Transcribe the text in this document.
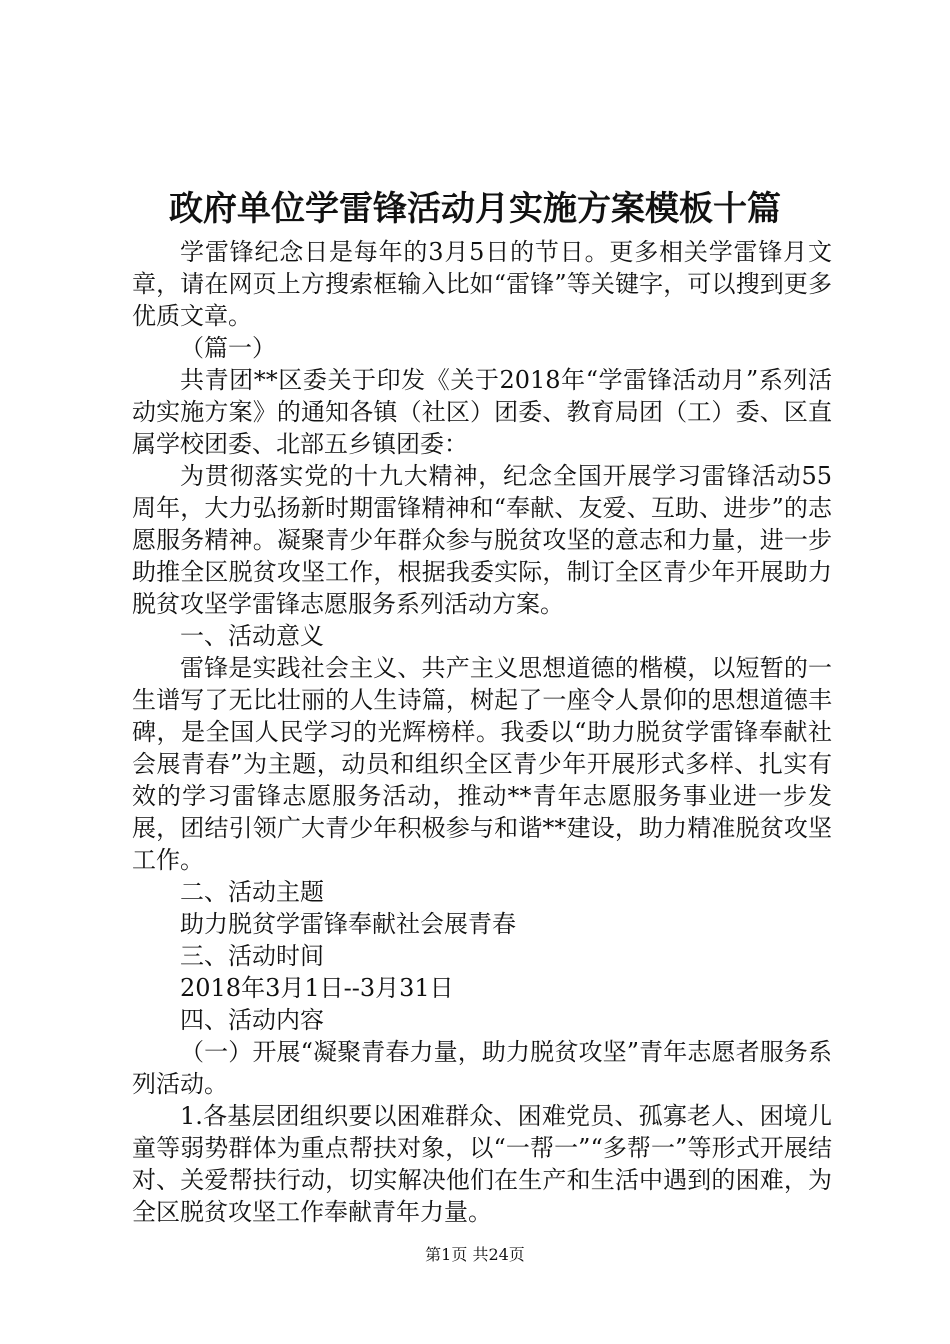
政府单位学雷锋活动月实施方案模板十篇

学雷锋纪念日是每年的3月5日的节日。更多相关学雷锋月文章，请在网页上方搜索框输入比如“雷锋”等关键字，可以搜到更多优质文章。

（篇一）

共青团**区委关于印发《关于2018年“学雷锋活动月”系列活动实施方案》的通知各镇（社区）团委、教育局团（工）委、区直属学校团委、北部五乡镇团委：

为贯彻落实党的十九大精神，纪念全国开展学习雷锋活动55周年，大力弘扬新时期雷锋精神和“奉献、友爱、互助、进步”的志愿服务精神。凝聚青少年群众参与脱贫攻坚的意志和力量，进一步助推全区脱贫攻坚工作，根据我委实际，制订全区青少年开展助力脱贫攻坚学雷锋志愿服务系列活动方案。

一、活动意义

雷锋是实践社会主义、共产主义思想道德的楷模，以短暂的一生谱写了无比壮丽的人生诗篇，树起了一座令人景仰的思想道德丰碑，是全国人民学习的光辉榜样。我委以“助力脱贫学雷锋奉献社会展青春”为主题，动员和组织全区青少年开展形式多样、扎实有效的学习雷锋志愿服务活动，推动**青年志愿服务事业进一步发展，团结引领广大青少年积极参与和谐**建设，助力精准脱贫攻坚工作。

二、活动主题

助力脱贫学雷锋奉献社会展青春

三、活动时间

2018年3月1日--3月31日

四、活动内容

（一）开展“凝聚青春力量，助力脱贫攻坚”青年志愿者服务系列活动。

1.各基层团组织要以困难群众、困难党员、孤寡老人、困境儿童等弱势群体为重点帮扶对象，以“一帮一”“多帮一”等形式开展结对、关爱帮扶行动，切实解决他们在生产和生活中遇到的困难，为全区脱贫攻坚工作奉献青年力量。

第1页 共24页
